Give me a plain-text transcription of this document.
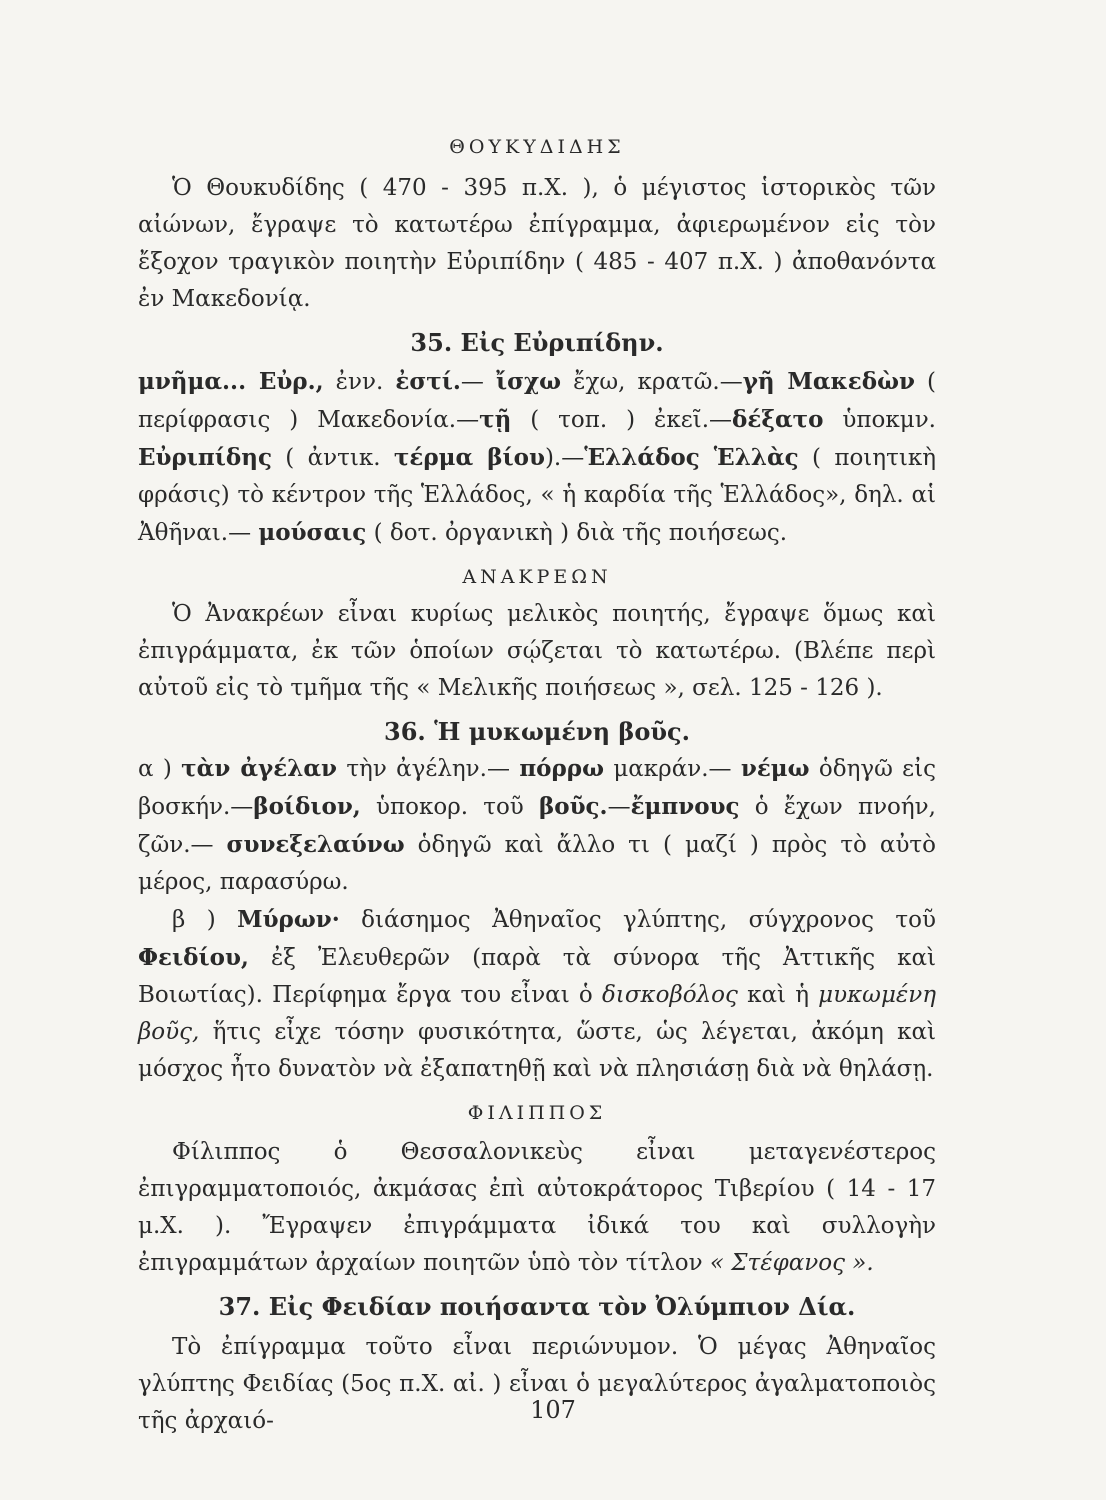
ΘΟΥΚΥΔΙΔΗΣ

Ὁ Θουκυδίδης ( 470 - 395 π.Χ. ), ὁ μέγιστος ἱστορικὸς τῶν αἰώνων, ἔγραψε τὸ κατωτέρω ἐπίγραμμα, ἀφιερωμένον εἰς τὸν ἔξοχον τραγικὸν ποιητὴν Εὐριπίδην ( 485 - 407 π.Χ. ) ἀποθανόντα ἐν Μακεδονίᾳ.

35. Εἰς Εὐριπίδην.

μνῆμα... Εὐρ., ἐνν. ἐστί.— ἴσχω ἔχω, κρατῶ.—γῆ Μακεδὼν ( περίφρασις ) Μακεδονία.—τῇ ( τοπ. ) ἐκεῖ.—δέξατο ὑποκμν. Εὐριπίδης ( ἀντικ. τέρμα βίου).—Ἑλλάδος Ἑλλὰς ( ποιητικὴ φράσις) τὸ κέντρον τῆς Ἑλλάδος, « ἡ καρδία τῆς Ἑλλάδος», δηλ. αἱ Ἀθῆναι.— μούσαις ( δοτ. ὀργανικὴ ) διὰ τῆς ποιήσεως.

ΑΝΑΚΡΕΩΝ

Ὁ Ἀνακρέων εἶναι κυρίως μελικὸς ποιητής, ἔγραψε ὅμως καὶ ἐπιγράμματα, ἐκ τῶν ὁποίων σῴζεται τὸ κατωτέρω. (Βλέπε περὶ αὐτοῦ εἰς τὸ τμῆμα τῆς « Μελικῆς ποιήσεως », σελ. 125 - 126 ).

36. Ἡ μυκωμένη βοῦς.

α ) τὰν ἀγέλαν τὴν ἀγέλην.— πόρρω μακράν.— νέμω ὁδηγῶ εἰς βοσκήν.—βοίδιον, ὑποκορ. τοῦ βοῦς.—ἔμπνους ὁ ἔχων πνοήν, ζῶν.— συνεξελαύνω ὁδηγῶ καὶ ἄλλο τι ( μαζί ) πρὸς τὸ αὐτὸ μέρος, παρασύρω.

β ) Μύρων· διάσημος Ἀθηναῖος γλύπτης, σύγχρονος τοῦ Φειδίου, ἐξ Ἐλευθερῶν (παρὰ τὰ σύνορα τῆς Ἀττικῆς καὶ Βοιωτίας). Περίφημα ἔργα του εἶναι ὁ δισκοβόλος καὶ ἡ μυκωμένη βοῦς, ἥτις εἶχε τόσην φυσικότητα, ὥστε, ὡς λέγεται, ἀκόμη καὶ μόσχος ἦτο δυνατὸν νὰ ἐξαπατηθῇ καὶ νὰ πλησιάσῃ διὰ νὰ θηλάσῃ.

ΦΙΛΙΠΠΟΣ

Φίλιππος ὁ Θεσσαλονικεὺς εἶναι μεταγενέστερος ἐπιγραμματοποιός, ἀκμάσας ἐπὶ αὐτοκράτορος Τιβερίου ( 14 - 17 μ.Χ. ). Ἔγραψεν ἐπιγράμματα ἰδικά του καὶ συλλογὴν ἐπιγραμμάτων ἀρχαίων ποιητῶν ὑπὸ τὸν τίτλον « Στέφανος ».

37. Εἰς Φειδίαν ποιήσαντα τὸν Ὀλύμπιον Δία.

Τὸ ἐπίγραμμα τοῦτο εἶναι περιώνυμον. Ὁ μέγας Ἀθηναῖος γλύπτης Φειδίας (5ος π.Χ. αἰ. ) εἶναι ὁ μεγαλύτερος ἀγαλματοποιὸς τῆς ἀρχαιό-	107
